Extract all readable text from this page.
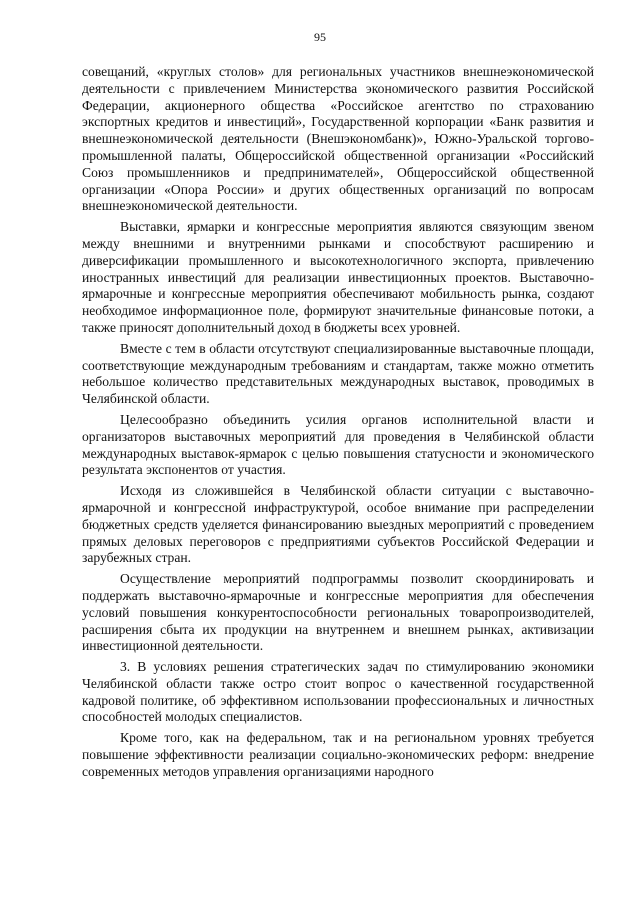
95

совещаний, «круглых столов» для региональных участников внешнеэкономической деятельности с привлечением Министерства экономического развития Российской Федерации, акционерного общества «Российское агентство по страхованию экспортных кредитов и инвестиций», Государственной корпорации «Банк развития и внешнеэкономической деятельности (Внешэкономбанк)», Южно-Уральской торгово-промышленной палаты, Общероссийской общественной организации «Российский Союз промышленников и предпринимателей», Общероссийской общественной организации «Опора России» и других общественных организаций по вопросам внешнеэкономической деятельности.

Выставки, ярмарки и конгрессные мероприятия являются связующим звеном между внешними и внутренними рынками и способствуют расширению и диверсификации промышленного и высокотехнологичного экспорта, привлечению иностранных инвестиций для реализации инвестиционных проектов. Выставочно-ярмарочные и конгрессные мероприятия обеспечивают мобильность рынка, создают необходимое информационное поле, формируют значительные финансовые потоки, а также приносят дополнительный доход в бюджеты всех уровней.

Вместе с тем в области отсутствуют специализированные выставочные площади, соответствующие международным требованиям и стандартам, также можно отметить небольшое количество представительных международных выставок, проводимых в Челябинской области.

Целесообразно объединить усилия органов исполнительной власти и организаторов выставочных мероприятий для проведения в Челябинской области международных выставок-ярмарок с целью повышения статусности и экономического результата экспонентов от участия.

Исходя из сложившейся в Челябинской области ситуации с выставочно-ярмарочной и конгрессной инфраструктурой, особое внимание при распределении бюджетных средств уделяется финансированию выездных мероприятий с проведением прямых деловых переговоров с предприятиями субъектов Российской Федерации и зарубежных стран.

Осуществление мероприятий подпрограммы позволит скоординировать и поддержать выставочно-ярмарочные и конгрессные мероприятия для обеспечения условий повышения конкурентоспособности региональных товаропроизводителей, расширения сбыта их продукции на внутреннем и внешнем рынках, активизации инвестиционной деятельности.

3. В условиях решения стратегических задач по стимулированию экономики Челябинской области также остро стоит вопрос о качественной государственной кадровой политике, об эффективном использовании профессиональных и личностных способностей молодых специалистов.

Кроме того, как на федеральном, так и на региональном уровнях требуется повышение эффективности реализации социально-экономических реформ: внедрение современных методов управления организациями народного
